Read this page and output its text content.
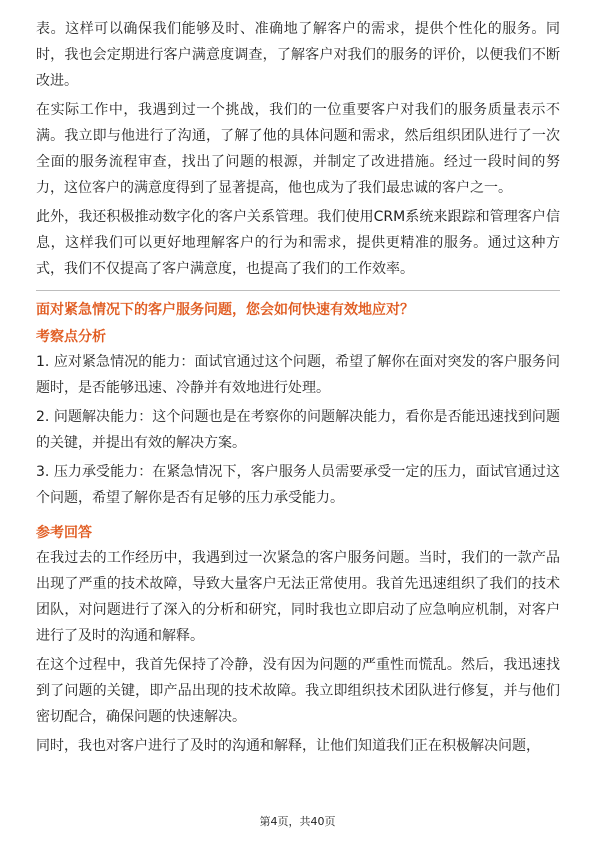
表。这样可以确保我们能够及时、准确地了解客户的需求，提供个性化的服务。同时，我也会定期进行客户满意度调查，了解客户对我们的服务的评价，以便我们不断改进。

在实际工作中，我遇到过一个挑战，我们的一位重要客户对我们的服务质量表示不满。我立即与他进行了沟通，了解了他的具体问题和需求，然后组织团队进行了一次全面的服务流程审查，找出了问题的根源，并制定了改进措施。经过一段时间的努力，这位客户的满意度得到了显著提高，他也成为了我们最忠诚的客户之一。

此外，我还积极推动数字化的客户关系管理。我们使用CRM系统来跟踪和管理客户信息，这样我们可以更好地理解客户的行为和需求，提供更精准的服务。通过这种方式，我们不仅提高了客户满意度，也提高了我们的工作效率。

面对紧急情况下的客户服务问题，您会如何快速有效地应对？
考察点分析

1. 应对紧急情况的能力：面试官通过这个问题，希望了解你在面对突发的客户服务问题时，是否能够迅速、冷静并有效地进行处理。

2. 问题解决能力：这个问题也是在考察你的问题解决能力，看你是否能迅速找到问题的关键，并提出有效的解决方案。

3. 压力承受能力：在紧急情况下，客户服务人员需要承受一定的压力，面试官通过这个问题，希望了解你是否有足够的压力承受能力。

参考回答

在我过去的工作经历中，我遇到过一次紧急的客户服务问题。当时，我们的一款产品出现了严重的技术故障，导致大量客户无法正常使用。我首先迅速组织了我们的技术团队，对问题进行了深入的分析和研究，同时我也立即启动了应急响应机制，对客户进行了及时的沟通和解释。

在这个过程中，我首先保持了冷静，没有因为问题的严重性而慌乱。然后，我迅速找到了问题的关键，即产品出现的技术故障。我立即组织技术团队进行修复，并与他们密切配合，确保问题的快速解决。

同时，我也对客户进行了及时的沟通和解释，让他们知道我们正在积极解决问题，

第4页，共40页
